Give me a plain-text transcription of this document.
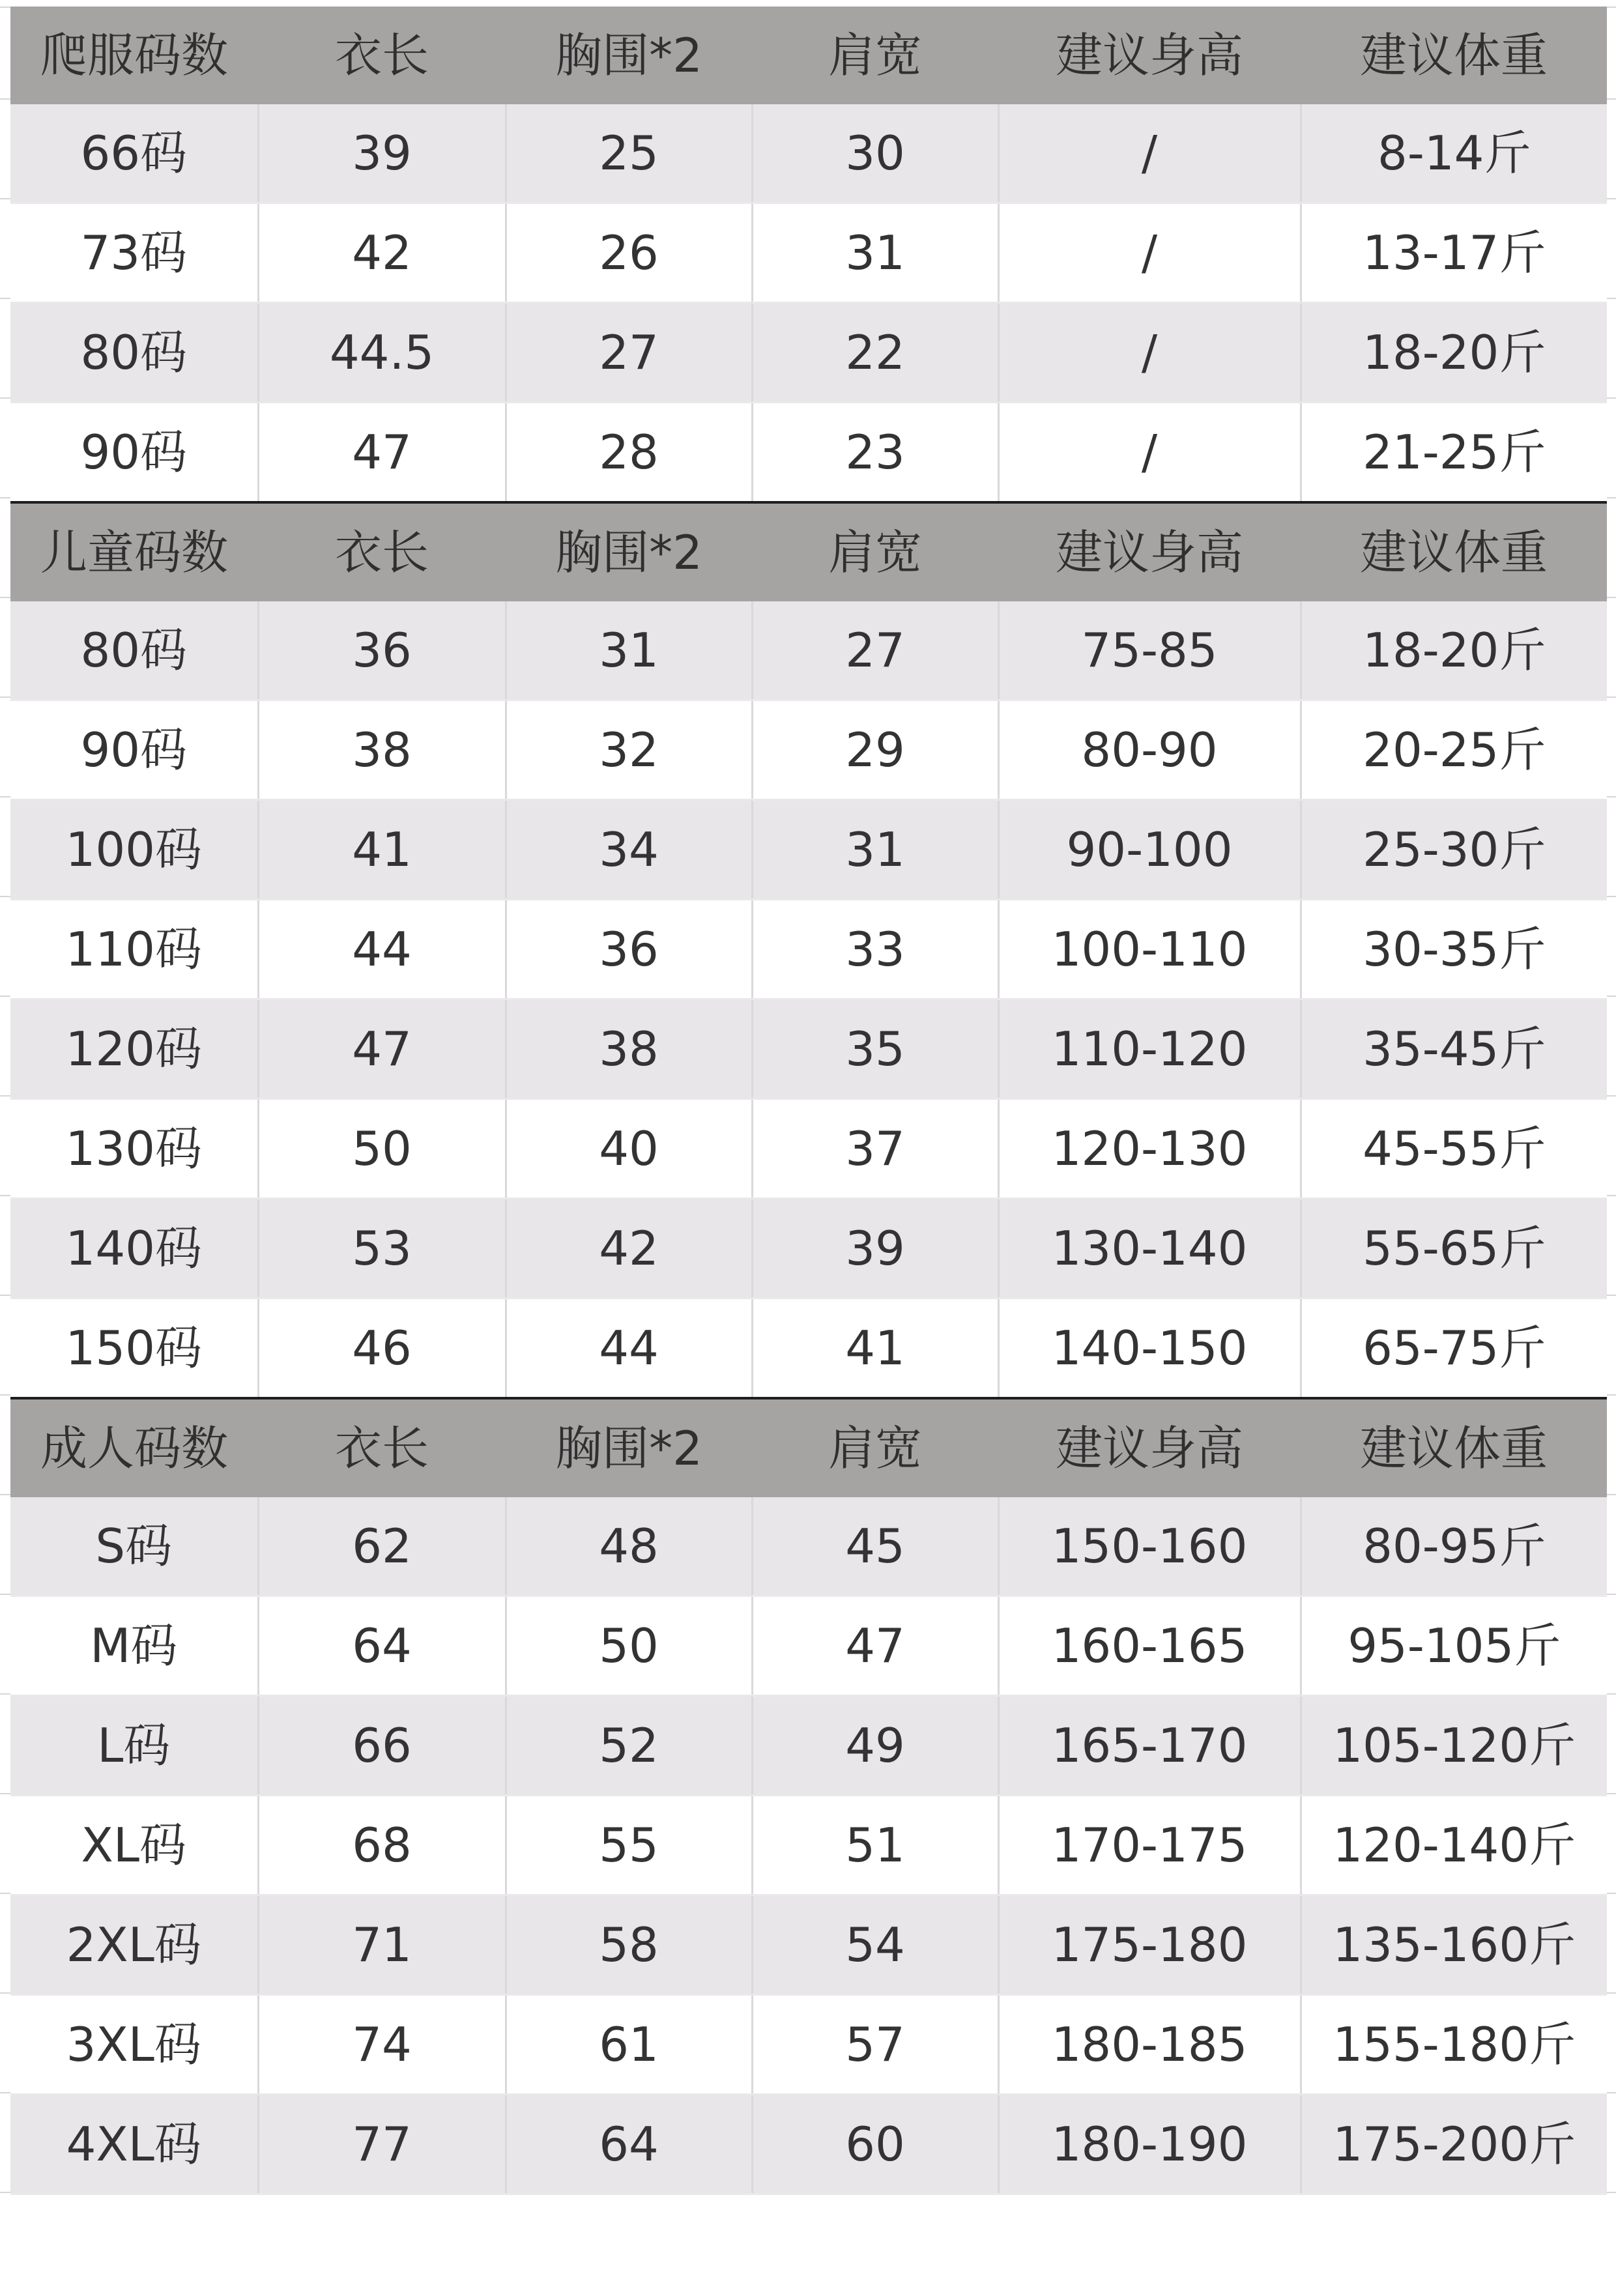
爬服码数	衣长	胸围*2	肩宽	建议身高	建议体重
66码	39	25	30	/	8-14斤
73码	42	26	31	/	13-17斤
80码	44.5	27	22	/	18-20斤
90码	47	28	23	/	21-25斤
儿童码数	衣长	胸围*2	肩宽	建议身高	建议体重
80码	36	31	27	75-85	18-20斤
90码	38	32	29	80-90	20-25斤
100码	41	34	31	90-100	25-30斤
110码	44	36	33	100-110	30-35斤
120码	47	38	35	110-120	35-45斤
130码	50	40	37	120-130	45-55斤
140码	53	42	39	130-140	55-65斤
150码	46	44	41	140-150	65-75斤
成人码数	衣长	胸围*2	肩宽	建议身高	建议体重
S码	62	48	45	150-160	80-95斤
M码	64	50	47	160-165	95-105斤
L码	66	52	49	165-170	105-120斤
XL码	68	55	51	170-175	120-140斤
2XL码	71	58	54	175-180	135-160斤
3XL码	74	61	57	180-185	155-180斤
4XL码	77	64	60	180-190	175-200斤
